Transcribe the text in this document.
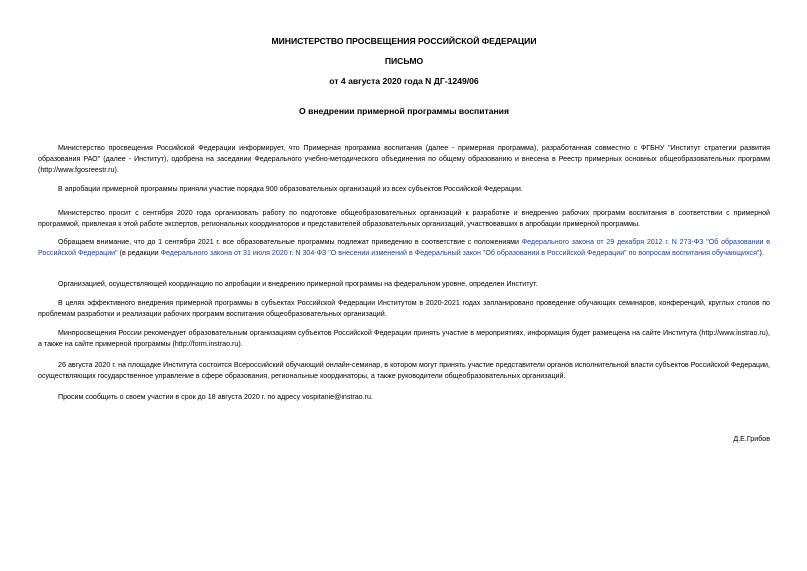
МИНИСТЕРСТВО ПРОСВЕЩЕНИЯ РОССИЙСКОЙ ФЕДЕРАЦИИ
ПИСЬМО
от 4 августа 2020 года N ДГ-1249/06
О внедрении примерной программы воспитания
Министерство просвещения Российской Федерации информирует, что Примерная программа воспитания (далее - примерная программа), разработанная совместно с ФГБНУ "Институт стратегии развития образования РАО" (далее - Институт), одобрена на заседании Федерального учебно-методического объединения по общему образованию и внесена в Реестр примерных основных общеобразовательных программ (http://www.fgosreestr.ru).
В апробации примерной программы приняли участие порядка 900 образовательных организаций из всех субъектов Российской Федерации.
Министерство просит с сентября 2020 года организовать работу по подготовке общеобразовательных организаций к разработке и внедрению рабочих программ воспитания в соответствии с примерной программой, привлекая к этой работе экспертов, региональных координаторов и представителей образовательных организаций, участвовавших в апробации примерной программы.
Обращаем внимание, что до 1 сентября 2021 г. все образовательные программы подлежат приведению в соответствие с положениями Федерального закона от 29 декабря 2012 г. N 273-ФЗ "Об образовании в Российской Федерации" (в редакции Федерального закона от 31 июля 2020 г. N 304-ФЗ "О внесении изменений в Федеральный закон "Об образовании в Российской Федерации" по вопросам воспитания обучающихся").
Организацией, осуществляющей координацию по апробации и внедрению примерной программы на федеральном уровне, определен Институт.
В целях эффективного внедрения примерной программы в субъектах Российской Федерации Институтом в 2020-2021 годах запланировано проведение обучающих семинаров, конференций, круглых столов по проблемам разработки и реализации рабочих программ воспитания общеобразовательных организаций.
Минпросвещения России рекомендует образовательным организациям субъектов Российской Федерации принять участие в мероприятиях, информация будет размещена на сайте Института (http://www.instrao.ru), а также на сайте примерной программы (http://form.instrao.ru).
26 августа 2020 г. на площадке Института состоится Всероссийский обучающий онлайн-семинар, в котором могут принять участие представители органов исполнительной власти субъектов Российской Федерации, осуществляющих государственное управление в сфере образования, региональные координаторы, а также руководители общеобразовательных организаций.
Просим сообщить о своем участии в срок до 18 августа 2020 г. по адресу vospitanie@instrao.ru.
Д.Е.Грибов
